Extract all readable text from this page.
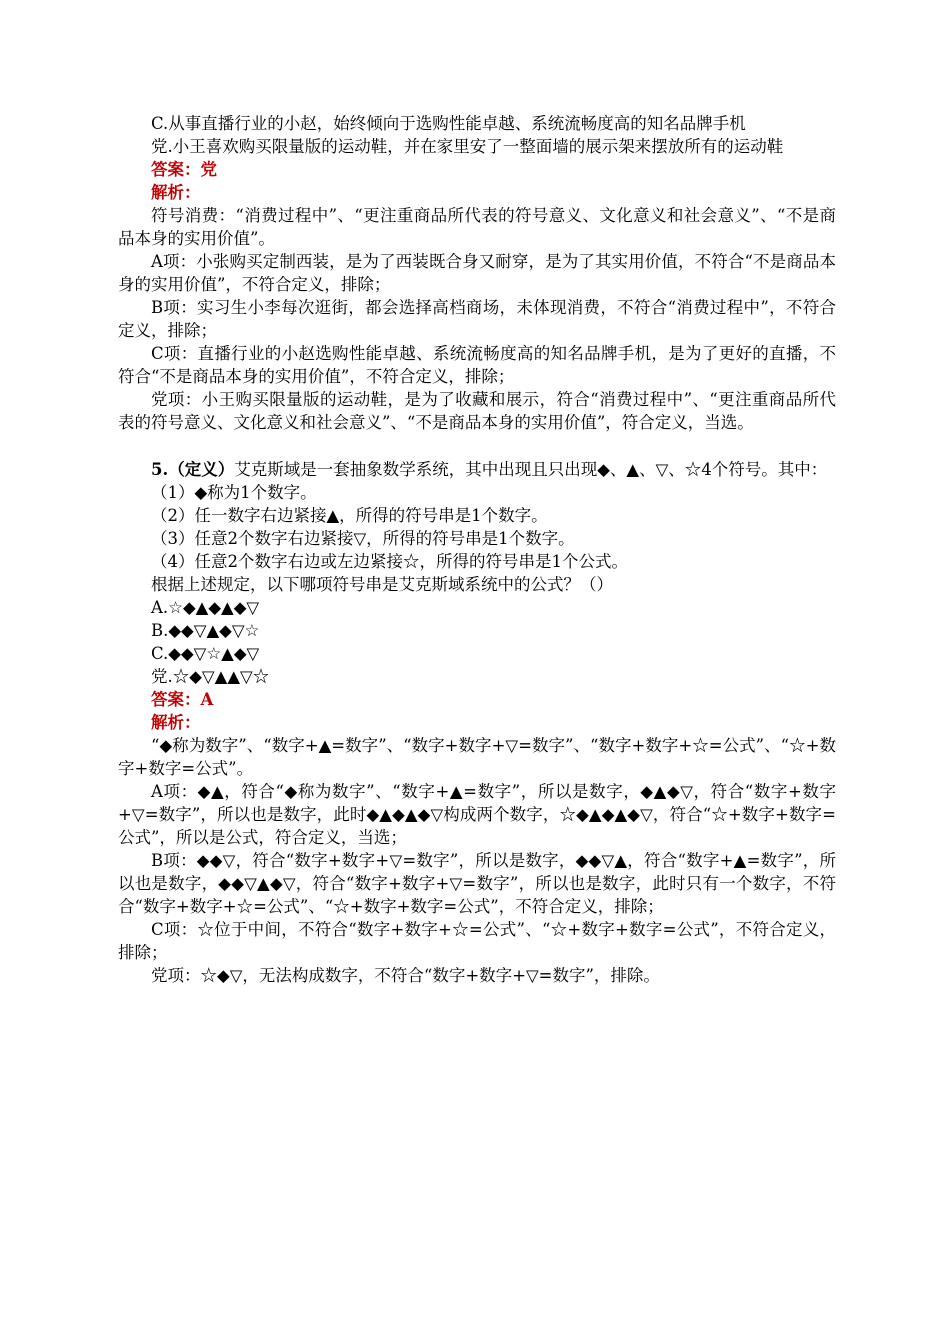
C.从事直播行业的小赵，始终倾向于选购性能卓越、系统流畅度高的知名品牌手机

党.小王喜欢购买限量版的运动鞋，并在家里安了一整面墙的展示架来摆放所有的运动鞋

答案：党

解析：

符号消费：“消费过程中”、“更注重商品所代表的符号意义、文化意义和社会意义”、“不是商品本身的实用价值”。

A项：小张购买定制西装，是为了西装既合身又耐穿，是为了其实用价值，不符合“不是商品本身的实用价值”，不符合定义，排除；

B项：实习生小李每次逛街，都会选择高档商场，未体现消费，不符合“消费过程中”，不符合定义，排除；

C项：直播行业的小赵选购性能卓越、系统流畅度高的知名品牌手机，是为了更好的直播，不符合“不是商品本身的实用价值”，不符合定义，排除；

党项：小王购买限量版的运动鞋，是为了收藏和展示，符合“消费过程中”、“更注重商品所代表的符号意义、文化意义和社会意义”、“不是商品本身的实用价值”，符合定义，当选。

5.（定义）艾克斯域是一套抽象数学系统，其中出现且只出现◆、▲、▽、☆4个符号。其中：

（1）◆称为1个数字。

（2）任一数字右边紧接▲，所得的符号串是1个数字。

（3）任意2个数字右边紧接▽，所得的符号串是1个数字。

（4）任意2个数字右边或左边紧接☆，所得的符号串是1个公式。

根据上述规定，以下哪项符号串是艾克斯域系统中的公式？（）

A.☆◆▲◆▲◆▽

B.◆◆▽▲◆▽☆

C.◆◆▽☆▲◆▽

党.☆◆▽▲▲▽☆

答案：A

解析：

“◆称为数字”、“数字+▲=数字”、“数字+数字+▽=数字”、“数字+数字+☆=公式”、“☆+数字+数字=公式”。

A项：◆▲，符合“◆称为数字”、“数字+▲=数字”，所以是数字，◆▲◆▽，符合“数字+数字+▽=数字”，所以也是数字，此时◆▲◆▲◆▽构成两个数字，☆◆▲◆▲◆▽，符合“☆+数字+数字=公式”，所以是公式，符合定义，当选；

B项：◆◆▽，符合“数字+数字+▽=数字”，所以是数字，◆◆▽▲，符合“数字+▲=数字”，所以也是数字，◆◆▽▲◆▽，符合“数字+数字+▽=数字”，所以也是数字，此时只有一个数字，不符合“数字+数字+☆=公式”、“☆+数字+数字=公式”，不符合定义，排除；

C项：☆位于中间，不符合“数字+数字+☆=公式”、“☆+数字+数字=公式”，不符合定义，排除；

党项：☆◆▽，无法构成数字，不符合“数字+数字+▽=数字”，排除。
